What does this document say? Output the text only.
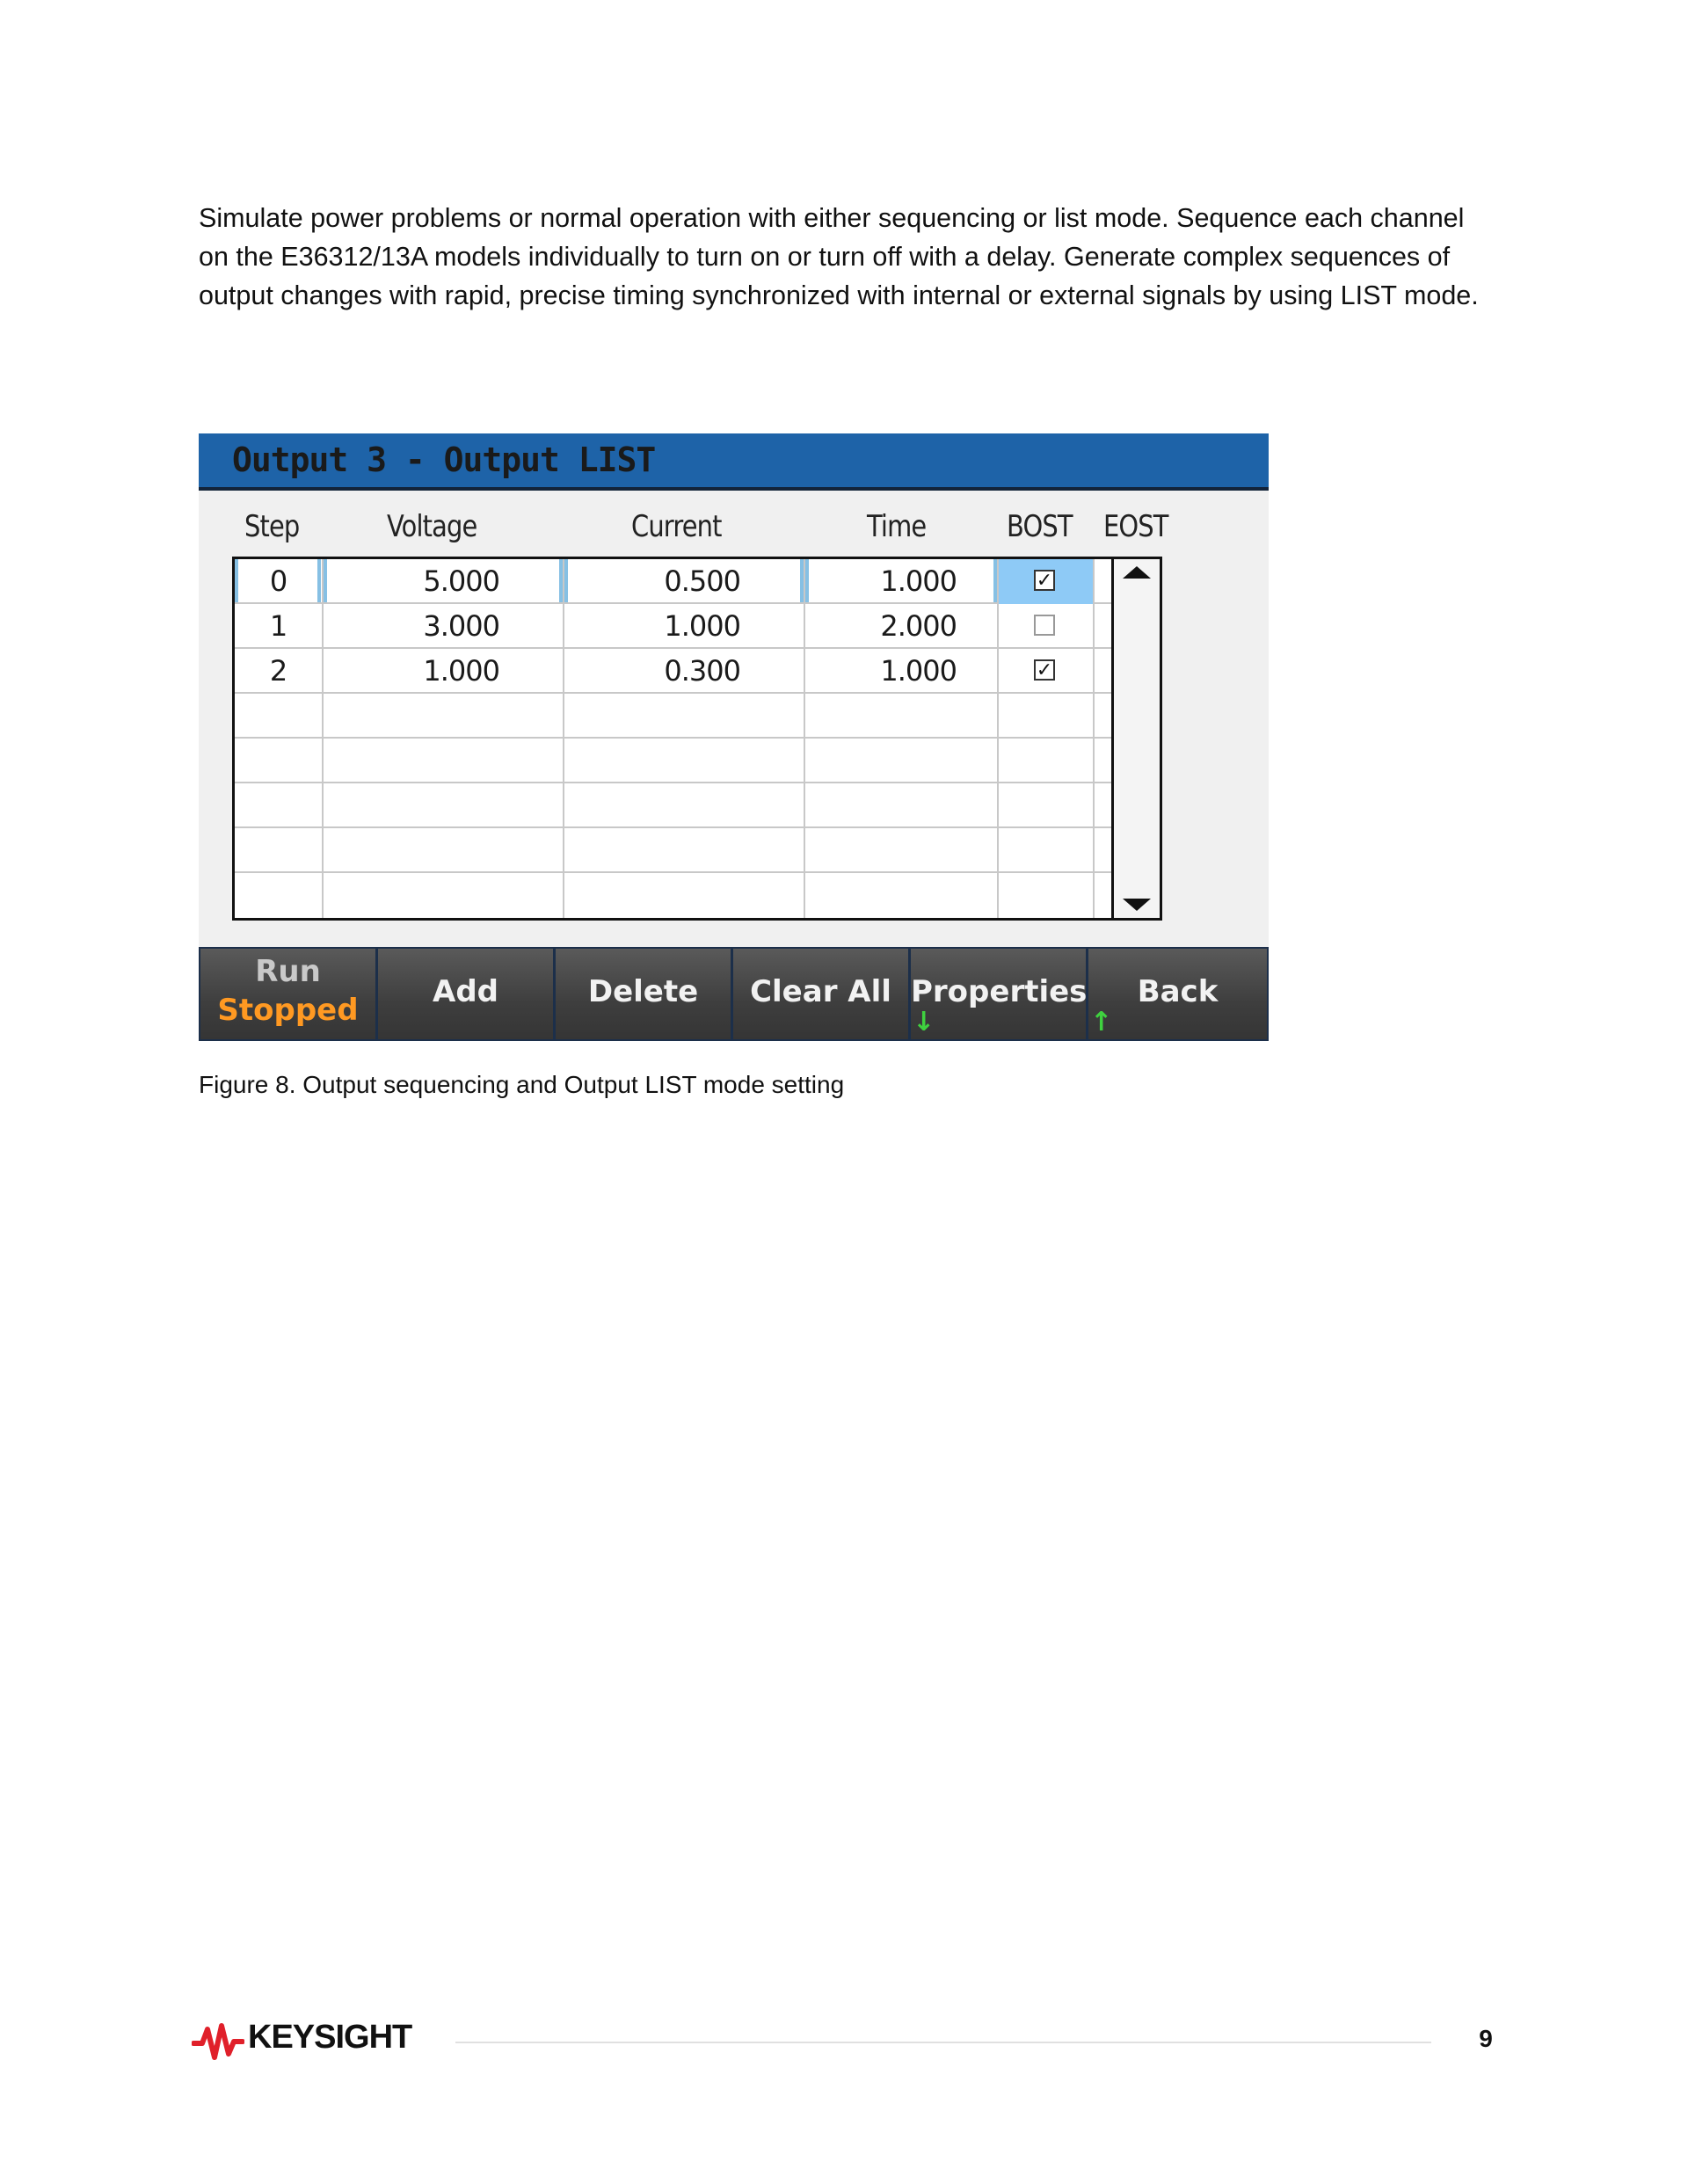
Simulate power problems or normal operation with either sequencing or list mode. Sequence each channel on the E36312/13A models individually to turn on or turn off with a delay. Generate complex sequences of output changes with rapid, precise timing synchronized with internal or external signals by using LIST mode.

Output 3 - Output LIST
Step	Voltage	Current	Time	BOST EOST
0	5.000	0.500	1.000	✓
1	3.000	1.000	2.000
2	1.000	0.300	1.000	✓
Run
Stopped
Add	Delete	Clear All Properties
↓
Back
↑

Figure 8. Output sequencing and Output LIST mode setting

KEYSIGHT	9
